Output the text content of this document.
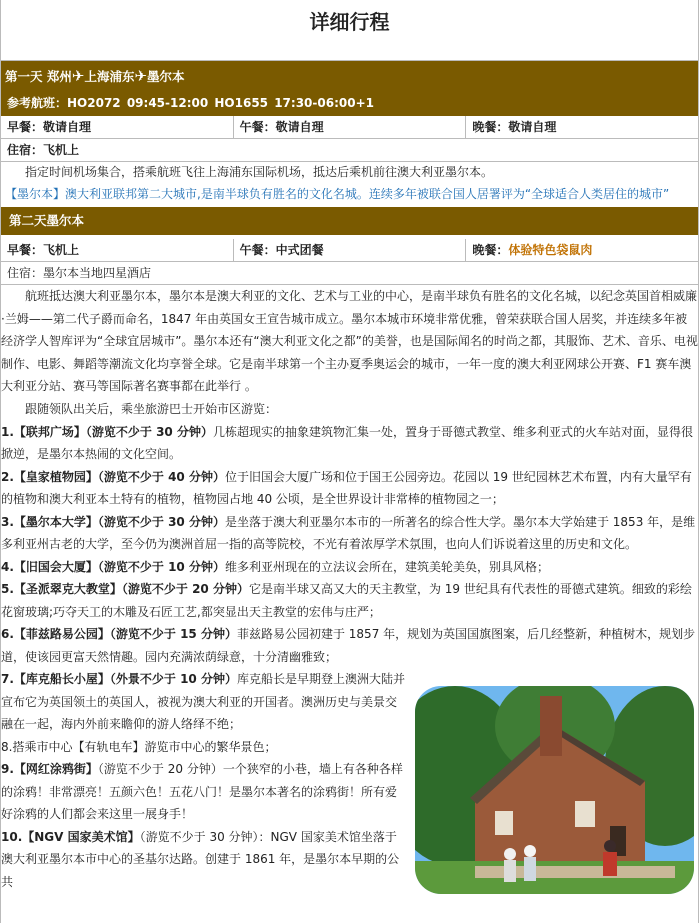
详细行程
第一天 郑州✈上海浦东✈墨尔本
参考航班：HO2072 09:45-12:00 HO1655 17:30-06:00+1
早餐：敬请自理	午餐：敬请自理	晚餐：敬请自理
住宿：飞机上

指定时间机场集合，搭乘航班飞往上海浦东国际机场，抵达后乘机前往澳大利亚墨尔本。

【墨尔本】澳大利亚联邦第二大城市,是南半球负有胜名的文化名城。连续多年被联合国人居署评为“全球适合人类居住的城市”

第二天墨尔本
早餐：飞机上	午餐：中式团餐	晚餐：体验特色袋鼠肉
住宿：墨尔本当地四星酒店

航班抵达澳大利亚墨尔本，墨尔本是澳大利亚的文化、艺术与工业的中心，是南半球负有胜名的文化名城，以纪念英国首相威廉·兰姆——第二代子爵而命名，1847 年由英国女王宣告城市成立。墨尔本城市环境非常优雅，曾荣获联合国人居奖，并连续多年被经济学人智库评为“全球宜居城市”。墨尔本还有“澳大利亚文化之都”的美誉，也是国际闻名的时尚之都，其服饰、艺术、音乐、电视制作、电影、舞蹈等潮流文化均享誉全球。它是南半球第一个主办夏季奥运会的城市，一年一度的澳大利亚网球公开赛、F1 赛车澳大利亚分站、赛马等国际著名赛事都在此举行 。

跟随领队出关后，乘坐旅游巴士开始市区游览：

1.【联邦广场】（游览不少于 30 分钟）几栋超现实的抽象建筑物汇集一处，置身于哥德式教堂、维多利亚式的火车站对面，显得很掀逆，是墨尔本热闹的文化空间。

2.【皇家植物园】（游览不少于 40 分钟）位于旧国会大厦广场和位于国王公园旁边。花园以 19 世纪园林艺术布置，内有大量罕有的植物和澳大利亚本土特有的植物，植物园占地 40 公顷，是全世界设计非常棒的植物园之一；

3.【墨尔本大学】（游览不少于 30 分钟）是坐落于澳大利亚墨尔本市的一所著名的综合性大学。墨尔本大学始建于 1853 年，是维多利亚州古老的大学，至今仍为澳洲首屈一指的高等院校，不光有着浓厚学术氛围，也向人们诉说着这里的历史和文化。

4.【旧国会大厦】（游览不少于 10 分钟）维多利亚州现在的立法议会所在，建筑美轮美奂，别具风格；

5.【圣派翠克大教堂】（游览不少于 20 分钟）它是南半球又高又大的天主教堂，为 19 世纪具有代表性的哥德式建筑。细致的彩绘花窗玻璃;巧夺天工的木雕及石匠工艺,都突显出天主教堂的宏伟与庄严；

6.【菲兹路易公园】（游览不少于 15 分钟）菲兹路易公园初建于 1857 年，规划为英国国旗图案，后几经整新，种植树木，规划步道，使该园更富天然情趣。园内充满浓荫绿意，十分清幽雅致；

7.【库克船长小屋】（外景不少于 10 分钟）库克船长是早期登上澳洲大陆并宣布它为英国领土的英国人，被视为澳大利亚的开国者。澳洲历史与美景交融在一起，海内外前来瞻仰的游人络绎不绝；

8.搭乘市中心【有轨电车】游览市中心的繁华景色；

9.【网红涂鸦街】（游览不少于 20 分钟）一个狭窄的小巷，墙上有各种各样的涂鸦！非常漂亮！五颜六色！五花八门！是墨尔本著名的涂鸦街！所有爱好涂鸦的人们都会来这里一展身手！

10.【NGV 国家美术馆】（游览不少于 30 分钟）：NGV 国家美术馆坐落于澳大利亚墨尔本市中心的圣基尔达路。创建于 1861 年，是墨尔本早期的公共
